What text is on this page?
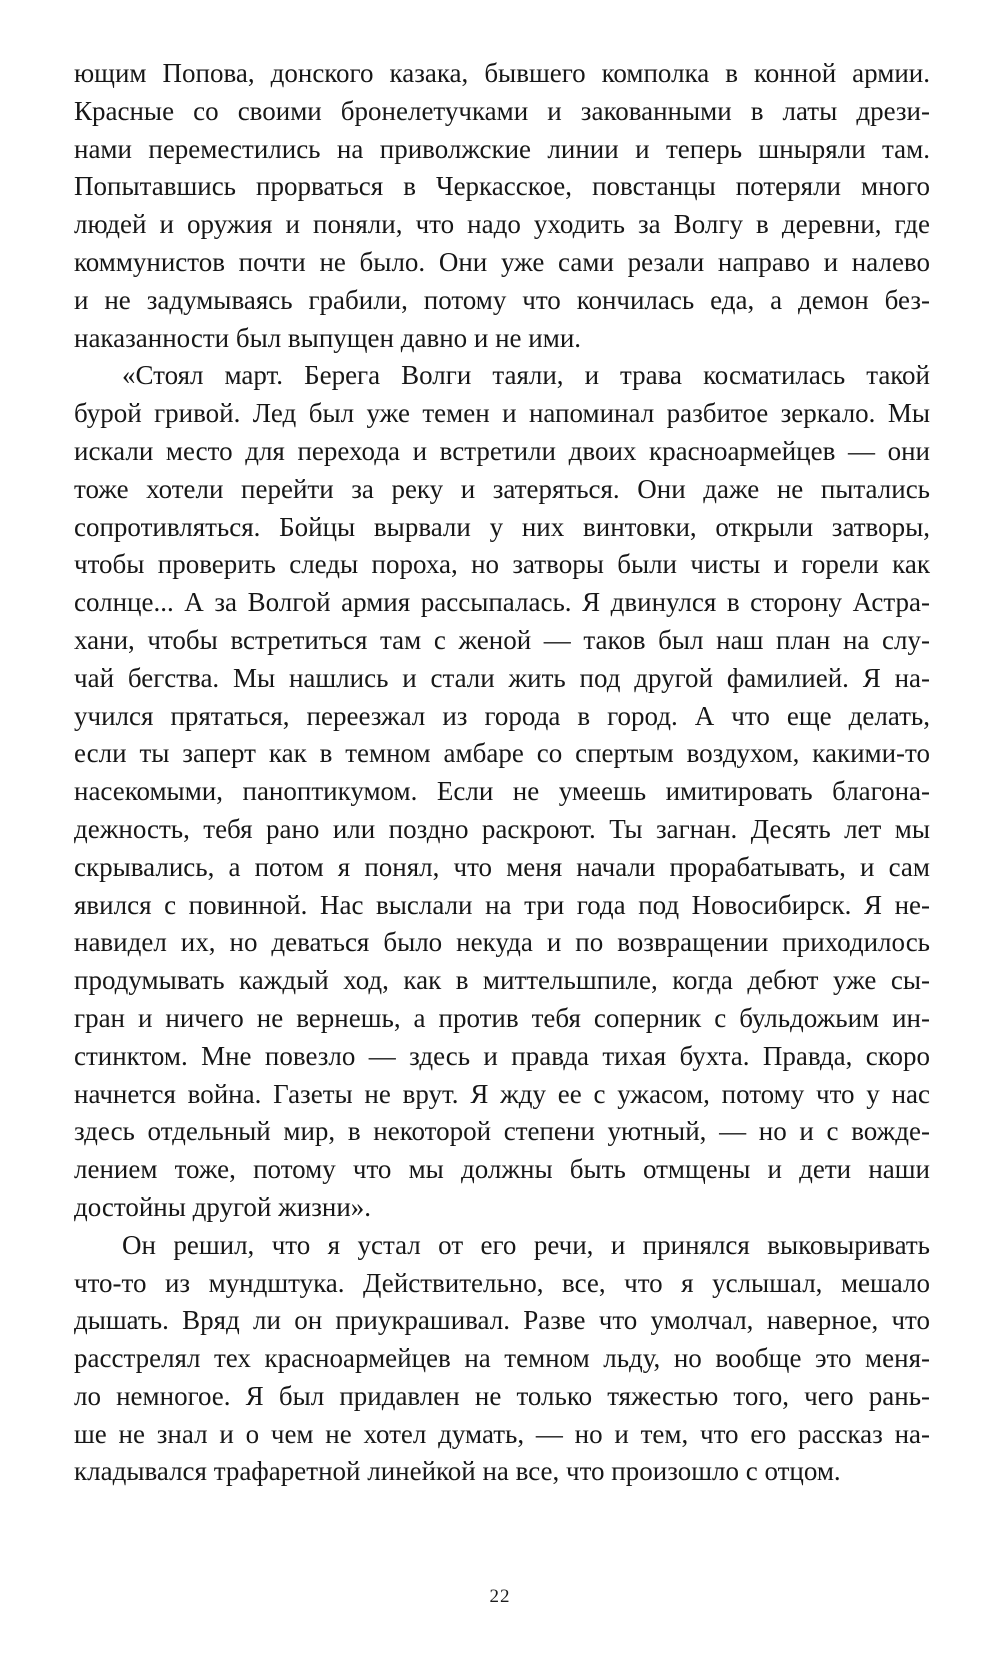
ющим Попова, донского казака, бывшего комполка в конной армии.
Красные со своими бронелетучками и закованными в латы дрези-
нами переместились на приволжские линии и теперь шныряли там.
Попытавшись прорваться в Черкасское, повстанцы потеряли много
людей и оружия и поняли, что надо уходить за Волгу в деревни, где
коммунистов почти не было. Они уже сами резали направо и налево
и не задумываясь грабили, потому что кончилась еда, а демон без-
наказанности был выпущен давно и не ими.
«Стоял март. Берега Волги таяли, и трава косматилась такой
бурой гривой. Лед был уже темен и напоминал разбитое зеркало. Мы
искали место для перехода и встретили двоих красноармейцев — они
тоже хотели перейти за реку и затеряться. Они даже не пытались
сопротивляться. Бойцы вырвали у них винтовки, открыли затворы,
чтобы проверить следы пороха, но затворы были чисты и горели как
солнце... А за Волгой армия рассыпалась. Я двинулся в сторону Астра-
хани, чтобы встретиться там с женой — таков был наш план на слу-
чай бегства. Мы нашлись и стали жить под другой фамилией. Я на-
учился прятаться, переезжал из города в город. А что еще делать,
если ты заперт как в темном амбаре со спертым воздухом, какими-то
насекомыми, паноптикумом. Если не умеешь имитировать благона-
дежность, тебя рано или поздно раскроют. Ты загнан. Десять лет мы
скрывались, а потом я понял, что меня начали прорабатывать, и сам
явился с повинной. Нас выслали на три года под Новосибирск. Я не-
навидел их, но деваться было некуда и по возвращении приходилось
продумывать каждый ход, как в миттельшпиле, когда дебют уже сы-
гран и ничего не вернешь, а против тебя соперник с бульдожьим ин-
стинктом. Мне повезло — здесь и правда тихая бухта. Правда, скоро
начнется война. Газеты не врут. Я жду ее с ужасом, потому что у нас
здесь отдельный мир, в некоторой степени уютный, — но и с вожде-
лением тоже, потому что мы должны быть отмщены и дети наши
достойны другой жизни».
Он решил, что я устал от его речи, и принялся выковыривать
что-то из мундштука. Действительно, все, что я услышал, мешало
дышать. Вряд ли он приукрашивал. Разве что умолчал, наверное, что
расстрелял тех красноармейцев на темном льду, но вообще это меня-
ло немногое. Я был придавлен не только тяжестью того, чего рань-
ше не знал и о чем не хотел думать, — но и тем, что его рассказ на-
кладывался трафаретной линейкой на все, что произошло с отцом.
22
